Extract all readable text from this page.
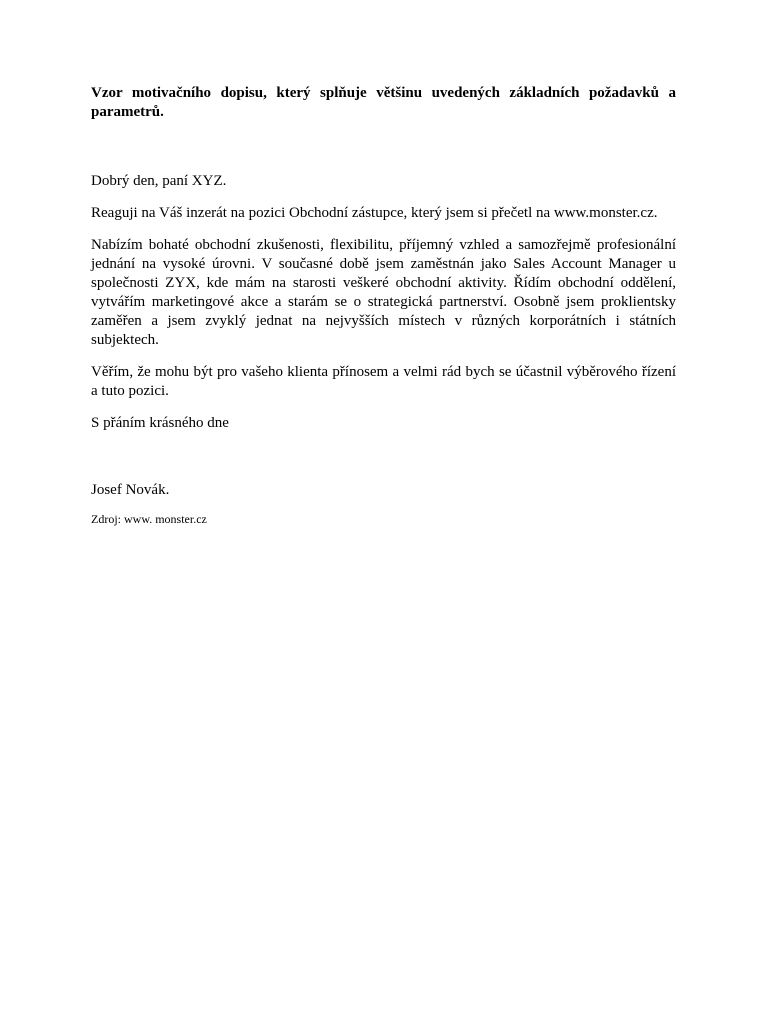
Vzor motivačního dopisu, který splňuje většinu uvedených základních požadavků a parametrů.

Dobrý den, paní XYZ.

Reaguji na Váš inzerát na pozici Obchodní zástupce, který jsem si přečetl na www.monster.cz.

Nabízím bohaté obchodní zkušenosti, flexibilitu, příjemný vzhled a samozřejmě profesionální jednání na vysoké úrovni. V současné době jsem zaměstnán jako Sales Account Manager u společnosti ZYX, kde mám na starosti veškeré obchodní aktivity. Řídím obchodní oddělení, vytvářím marketingové akce a starám se o strategická partnerství. Osobně jsem proklientsky zaměřen a jsem zvyklý jednat na nejvyšších místech v různých korporátních i státních subjektech.

Věřím, že mohu být pro vašeho klienta přínosem a velmi rád bych se účastnil výběrového řízení a tuto pozici.

S přáním krásného dne

Josef Novák.

Zdroj: www. monster.cz
